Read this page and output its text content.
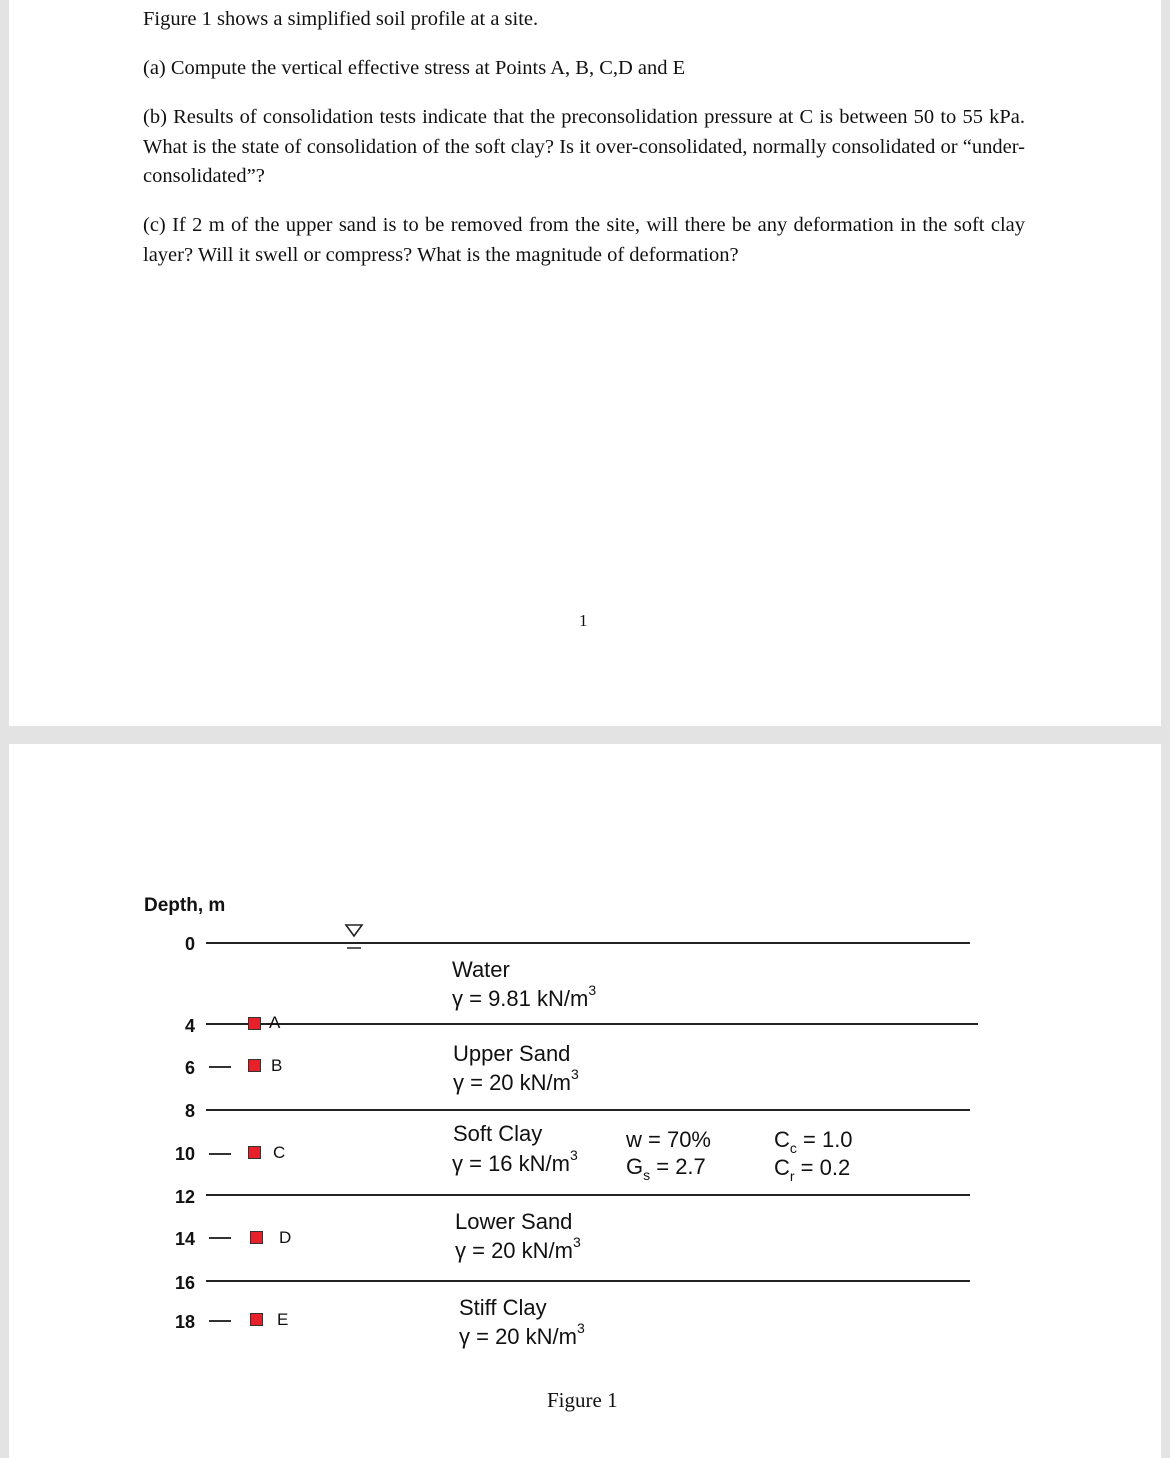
Figure 1 shows a simplified soil profile at a site.

(a) Compute the vertical effective stress at Points A, B, C,D and E

(b) Results of consolidation tests indicate that the preconsolidation pressure at C is between 50 to 55 kPa. What is the state of consolidation of the soft clay? Is it over-consolidated, normally consolidated or “under-consolidated”?

(c) If 2 m of the upper sand is to be removed from the site, will there be any deformation in the soft clay layer? Will it swell or compress? What is the magnitude of deformation?

1
Depth, m
0
4
6
8
10
12
14
16
18
A
B
C
D
E
Water
γ = 9.81 $kN/m^3$
Upper Sand
γ = 20 $kN/m^3$
Soft Clay
γ = 16 $kN/m^3$
w = 70%
$G_s = 2.7$
$C_c = 1.0$
$C_r = 0.2$
Lower Sand
γ = 20 $kN/m^3$
Stiff Clay
γ = 20 $kN/m^3$
Figure 1
